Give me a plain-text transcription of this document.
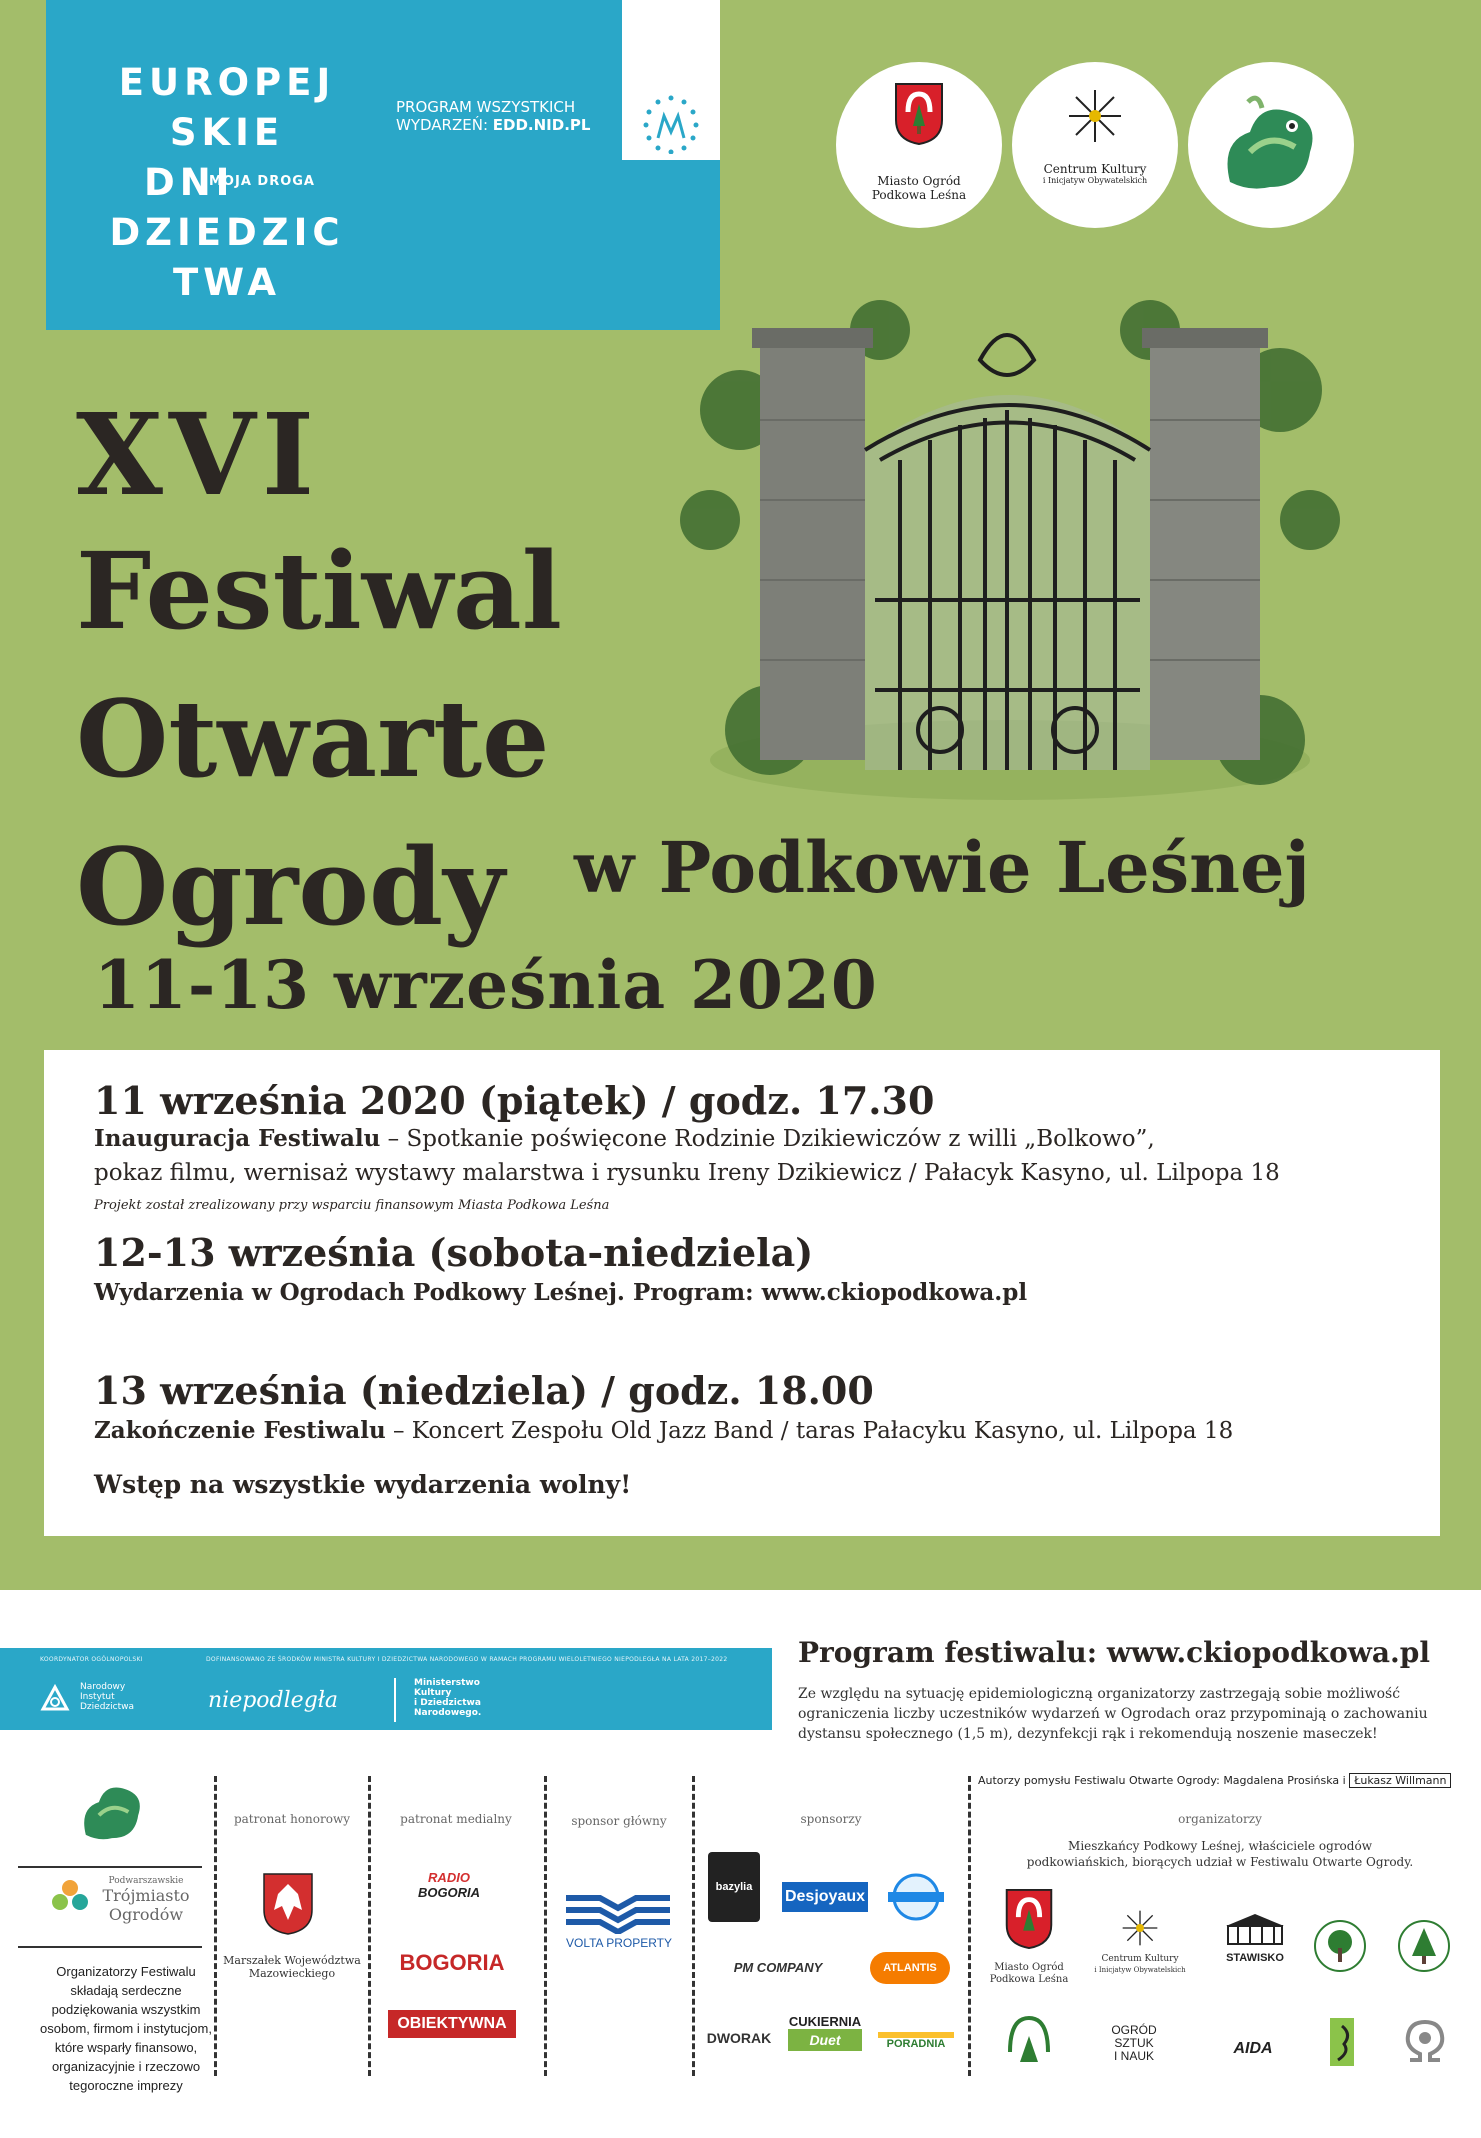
EUROPEJ
SKIE
DNI
DZIEDZIC
TWA
MOJA DROGA
PROGRAM WSZYSTKICH
WYDARZEŃ: EDD.NID.PL
Miasto Ogród
Podkowa Leśna
Centrum Kultury
i Inicjatyw Obywatelskich
XVI
Festiwal
Otwarte
Ogrody w Podkowie Leśnej
11-13 września 2020
11 września 2020 (piątek) / godz. 17.30
Inauguracja Festiwalu – Spotkanie poświęcone Rodzinie Dzikiewiczów z willi „Bolkowo”,
pokaz filmu, wernisaż wystawy malarstwa i rysunku Ireny Dzikiewicz / Pałacyk Kasyno, ul. Lilpopa 18
Projekt został zrealizowany przy wsparciu finansowym Miasta Podkowa Leśna
12-13 września (sobota-niedziela)
Wydarzenia w Ogrodach Podkowy Leśnej. Program: www.ckiopodkowa.pl
13 września (niedziela) / godz. 18.00
Zakończenie Festiwalu – Koncert Zespołu Old Jazz Band / taras Pałacyku Kasyno, ul. Lilpopa 18
Wstęp na wszystkie wydarzenia wolny!
KOORDYNATOR OGÓLNOPOLSKI	DOFINANSOWANO ZE ŚRODKÓW MINISTRA KULTURY I DZIEDZICTWA NARODOWEGO W RAMACH PROGRAMU WIELOLETNIEGO NIEPODLEGŁA NA LATA 2017–2022
Narodowy
Instytut
Dziedzictwa	niepodległa
Ministerstwo
Kultury
i Dziedzictwa
Narodowego.
Program festiwalu: www.ckiopodkowa.pl
Ze względu na sytuację epidemiologiczną organizatorzy zastrzegają sobie możliwość ograniczenia liczby uczestników wydarzeń w Ogrodach oraz przypominają o zachowaniu dystansu społecznego (1,5 m), dezynfekcji rąk i rekomendują noszenie maseczek!
Autorzy pomysłu Festiwalu Otwarte Ogrody: Magdalena Prosińska i Łukasz Willmann
Podwarszawskie
Trójmiasto
Ogrodów
Organizatorzy Festiwalu składają serdeczne podziękowania wszystkim osobom, firmom i instytucjom, które wsparły finansowo, organizacyjnie i rzeczowo tegoroczne imprezy
patronat honorowy	patronat medialny	sponsor główny	sponsorzy	organizatorzy
Mieszkańcy Podkowy Leśnej, właściciele ogrodów podkowiańskich, biorących udział w Festiwalu Otwarte Ogrody.
Marszałek Województwa Mazowieckiego
RADIO
BOGORIA
BOGORIA
OBIEKTYWNA
VOLTA PROPERTY
bazylia
Desjoyaux
PM COMPANY	ATLANTIS
DWORAK
CUKIERNIA
Duet	PORADNIA
Miasto Ogród
Podkowa Leśna
Centrum Kultury
i Inicjatyw Obywatelskich
STAWISKO
OGRÓD
SZTUK
I NAUK	AIDA
